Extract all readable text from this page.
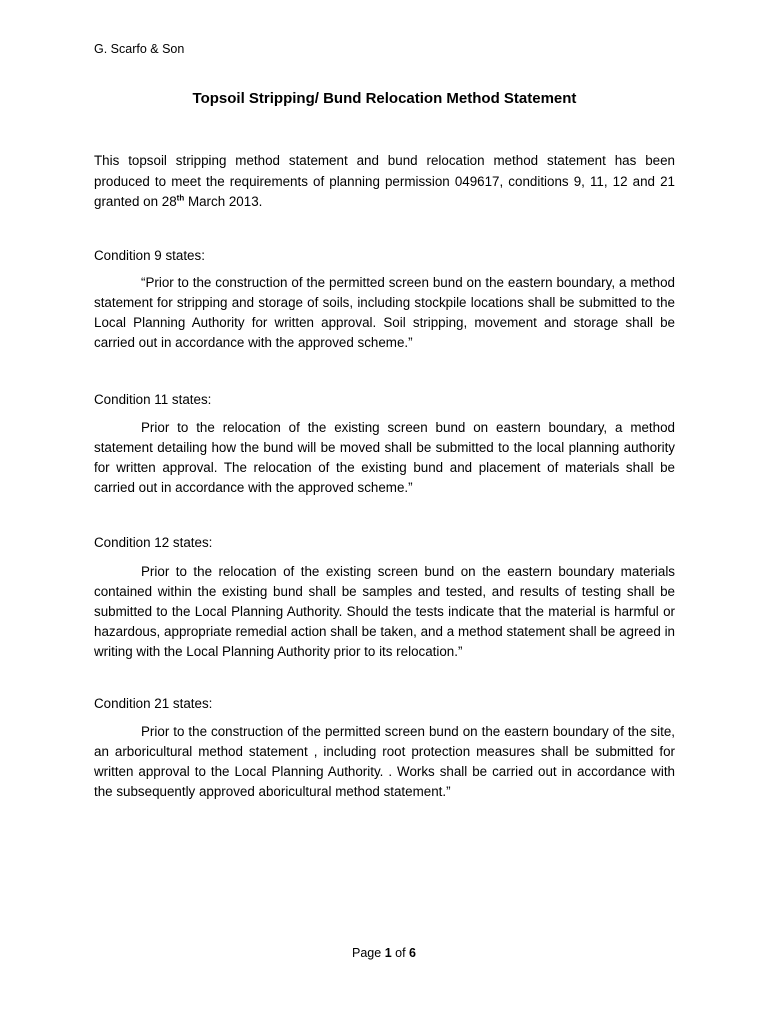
G. Scarfo & Son
Topsoil Stripping/ Bund Relocation Method Statement
This topsoil stripping method statement and bund relocation method statement has been produced to meet the requirements of planning permission 049617, conditions 9, 11, 12 and 21 granted on 28th March 2013.
Condition 9 states:
“Prior to the construction of the permitted screen bund on the eastern boundary, a method statement for stripping and storage of soils, including stockpile locations shall be submitted to the Local Planning Authority for written approval. Soil stripping, movement and storage shall be carried out in accordance with the approved scheme.”
Condition 11 states:
Prior to the relocation of the existing screen bund on eastern boundary, a method statement detailing how the bund will be moved shall be submitted to the local planning authority for written approval. The relocation of the existing bund and placement of materials shall be carried out in accordance with the approved scheme.”
Condition 12 states:
Prior to the relocation of the existing screen bund on the eastern boundary materials contained within the existing bund shall be samples and tested, and results of testing shall be submitted to the Local Planning Authority. Should the tests indicate that the material is harmful or hazardous, appropriate remedial action shall be taken, and a method statement shall be agreed in writing with the Local Planning Authority prior to its relocation.”
Condition 21 states:
Prior to the construction of the permitted screen bund on the eastern boundary of the site, an arboricultural method statement , including root protection measures shall be submitted for written approval to the Local Planning Authority. . Works shall be carried out in accordance with the subsequently approved aboricultural method statement.”
Page 1 of 6
